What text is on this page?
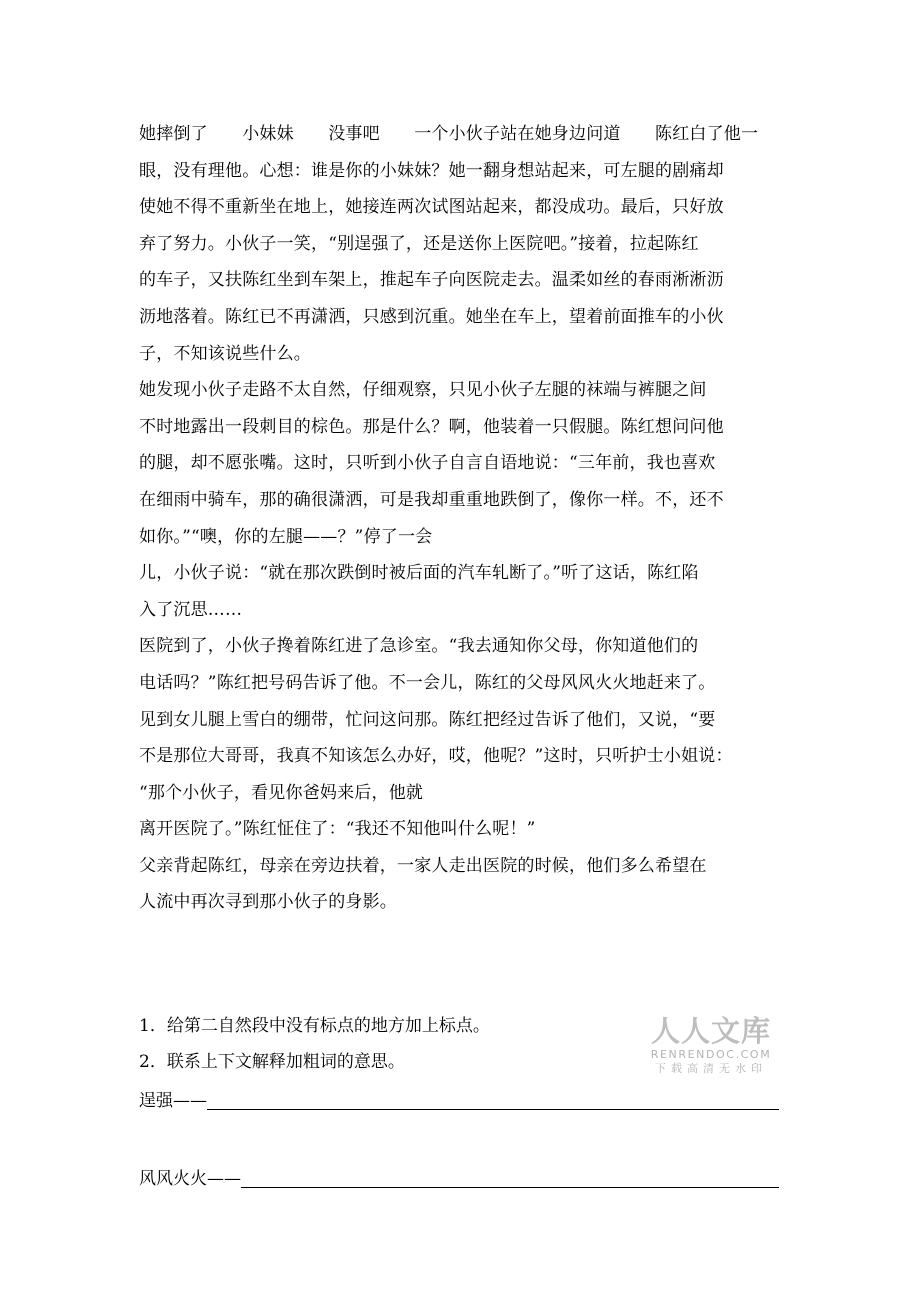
她摔倒了　　小妹妹　　没事吧　　一个小伙子站在她身边问道　　陈红白了他一
眼，没有理他。心想：谁是你的小妹妹？她一翻身想站起来，可左腿的剧痛却
使她不得不重新坐在地上，她接连两次试图站起来，都没成功。最后，只好放
弃了努力。小伙子一笑，“别逞强了，还是送你上医院吧。”接着，拉起陈红
的车子，又扶陈红坐到车架上，推起车子向医院走去。温柔如丝的春雨淅淅沥
沥地落着。陈红已不再潇洒，只感到沉重。她坐在车上，望着前面推车的小伙
子，不知该说些什么。
她发现小伙子走路不太自然，仔细观察，只见小伙子左腿的袜端与裤腿之间
不时地露出一段刺目的棕色。那是什么？啊，他装着一只假腿。陈红想问问他
的腿，却不愿张嘴。这时，只听到小伙子自言自语地说：“三年前，我也喜欢
在细雨中骑车，那的确很潇洒，可是我却重重地跌倒了，像你一样。不，还不
如你。”“噢，你的左腿——？”停了一会
儿，小伙子说：“就在那次跌倒时被后面的汽车轧断了。”听了这话，陈红陷
入了沉思……
医院到了，小伙子搀着陈红进了急诊室。“我去通知你父母，你知道他们的
电话吗？”陈红把号码告诉了他。不一会儿，陈红的父母风风火火地赶来了。
见到女儿腿上雪白的绷带，忙问这问那。陈红把经过告诉了他们，又说，“要
不是那位大哥哥，我真不知该怎么办好，哎，他呢？”这时，只听护士小姐说：
“那个小伙子，看见你爸妈来后，他就
离开医院了。”陈红怔住了：“我还不知他叫什么呢！”
父亲背起陈红，母亲在旁边扶着，一家人走出医院的时候，他们多么希望在
人流中再次寻到那小伙子的身影。
1．给第二自然段中没有标点的地方加上标点。
2．联系上下文解释加粗词的意思。
逞强——
风风火火——
人人文库
RENRENDOC.COM
下载高清无水印
